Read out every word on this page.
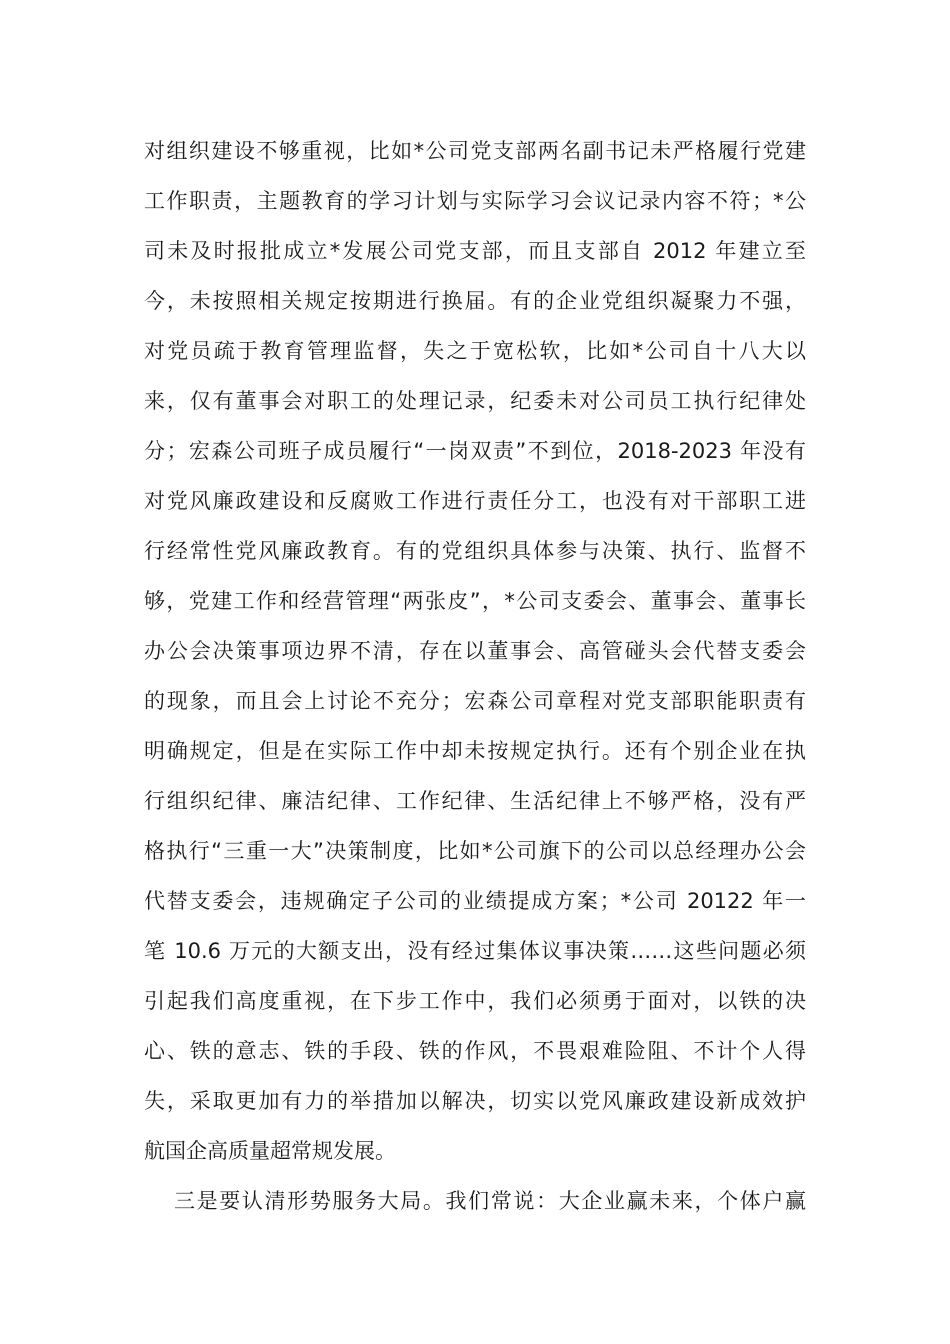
对组织建设不够重视，比如*公司党支部两名副书记未严格履行党建
工作职责，主题教育的学习计划与实际学习会议记录内容不符；*公
司未及时报批成立*发展公司党支部，而且支部自 2012 年建立至
今，未按照相关规定按期进行换届。有的企业党组织凝聚力不强，
对党员疏于教育管理监督，失之于宽松软，比如*公司自十八大以
来，仅有董事会对职工的处理记录，纪委未对公司员工执行纪律处
分；宏森公司班子成员履行“一岗双责”不到位，2018-2023 年没有
对党风廉政建设和反腐败工作进行责任分工，也没有对干部职工进
行经常性党风廉政教育。有的党组织具体参与决策、执行、监督不
够，党建工作和经营管理“两张皮”，*公司支委会、董事会、董事长
办公会决策事项边界不清，存在以董事会、高管碰头会代替支委会
的现象，而且会上讨论不充分；宏森公司章程对党支部职能职责有
明确规定，但是在实际工作中却未按规定执行。还有个别企业在执
行组织纪律、廉洁纪律、工作纪律、生活纪律上不够严格，没有严
格执行“三重一大”决策制度，比如*公司旗下的公司以总经理办公会
代替支委会，违规确定子公司的业绩提成方案；*公司 20122 年一
笔 10.6 万元的大额支出，没有经过集体议事决策……这些问题必须
引起我们高度重视，在下步工作中，我们必须勇于面对，以铁的决
心、铁的意志、铁的手段、铁的作风，不畏艰难险阻、不计个人得
失，采取更加有力的举措加以解决，切实以党风廉政建设新成效护
航国企高质量超常规发展。
三是要认清形势服务大局。我们常说：大企业赢未来，个体户赢
